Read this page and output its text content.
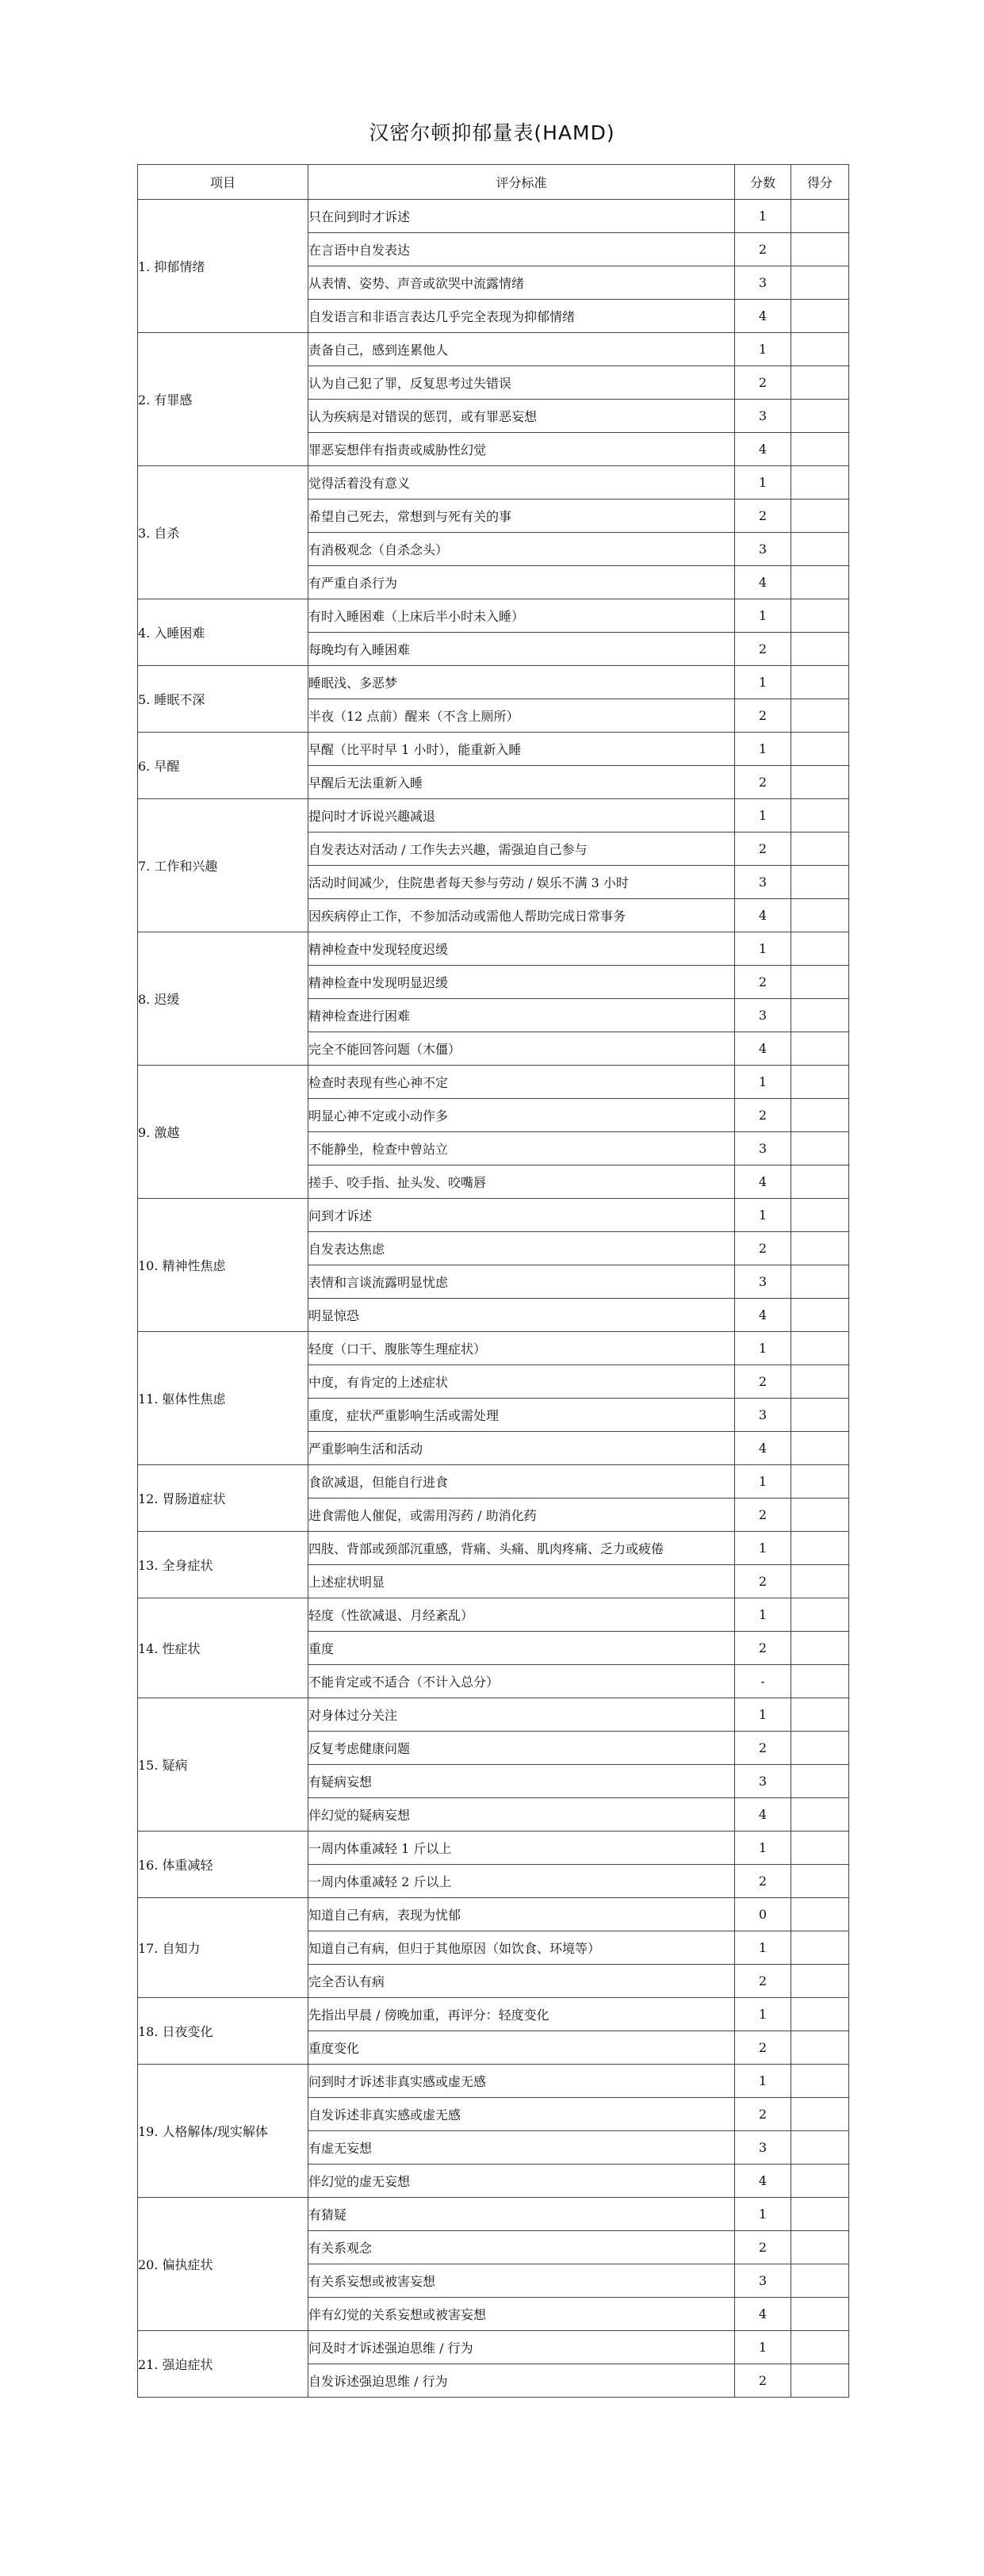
汉密尔顿抑郁量表(HAMD)
项目	评分标准	分数	得分
1. 抑郁情绪	只在问到时才诉述	1	
	在言语中自发表达	2	
	从表情、姿势、声音或欲哭中流露情绪	3	
	自发语言和非语言表达几乎完全表现为抑郁情绪	4	
2. 有罪感	责备自己，感到连累他人	1	
	认为自己犯了罪，反复思考过失错误	2	
	认为疾病是对错误的惩罚，或有罪恶妄想	3	
	罪恶妄想伴有指责或威胁性幻觉	4	
3. 自杀	觉得活着没有意义	1	
	希望自己死去，常想到与死有关的事	2	
	有消极观念（自杀念头）	3	
	有严重自杀行为	4	
4. 入睡困难	有时入睡困难（上床后半小时未入睡）	1	
	每晚均有入睡困难	2	
5. 睡眠不深	睡眠浅、多恶梦	1	
	半夜（12 点前）醒来（不含上厕所）	2	
6. 早醒	早醒（比平时早 1 小时），能重新入睡	1	
	早醒后无法重新入睡	2	
7. 工作和兴趣	提问时才诉说兴趣减退	1	
	自发表达对活动 / 工作失去兴趣，需强迫自己参与	2	
	活动时间减少，住院患者每天参与劳动 / 娱乐不满 3 小时	3	
	因疾病停止工作，不参加活动或需他人帮助完成日常事务	4	
8. 迟缓	精神检查中发现轻度迟缓	1	
	精神检查中发现明显迟缓	2	
	精神检查进行困难	3	
	完全不能回答问题（木僵）	4	
9. 激越	检查时表现有些心神不定	1	
	明显心神不定或小动作多	2	
	不能静坐，检查中曾站立	3	
	搓手、咬手指、扯头发、咬嘴唇	4	
10. 精神性焦虑	问到才诉述	1	
	自发表达焦虑	2	
	表情和言谈流露明显忧虑	3	
	明显惊恐	4	
11. 躯体性焦虑	轻度（口干、腹胀等生理症状）	1	
	中度，有肯定的上述症状	2	
	重度，症状严重影响生活或需处理	3	
	严重影响生活和活动	4	
12. 胃肠道症状	食欲减退，但能自行进食	1	
	进食需他人催促，或需用泻药 / 助消化药	2	
13. 全身症状	四肢、背部或颈部沉重感，背痛、头痛、肌肉疼痛、乏力或疲倦	1	
	上述症状明显	2	
14. 性症状	轻度（性欲减退、月经紊乱）	1	
	重度	2	
	不能肯定或不适合（不计入总分）	-	
15. 疑病	对身体过分关注	1	
	反复考虑健康问题	2	
	有疑病妄想	3	
	伴幻觉的疑病妄想	4	
16. 体重减轻	一周内体重减轻 1 斤以上	1	
	一周内体重减轻 2 斤以上	2	
17. 自知力	知道自己有病，表现为忧郁	0	
	知道自己有病，但归于其他原因（如饮食、环境等）	1	
	完全否认有病	2	
18. 日夜变化	先指出早晨 / 傍晚加重，再评分：轻度变化	1	
	重度变化	2	
19. 人格解体/现实解体	问到时才诉述非真实感或虚无感	1	
	自发诉述非真实感或虚无感	2	
	有虚无妄想	3	
	伴幻觉的虚无妄想	4	
20. 偏执症状	有猜疑	1	
	有关系观念	2	
	有关系妄想或被害妄想	3	
	伴有幻觉的关系妄想或被害妄想	4	
21. 强迫症状	问及时才诉述强迫思维 / 行为	1	
	自发诉述强迫思维 / 行为	2	
